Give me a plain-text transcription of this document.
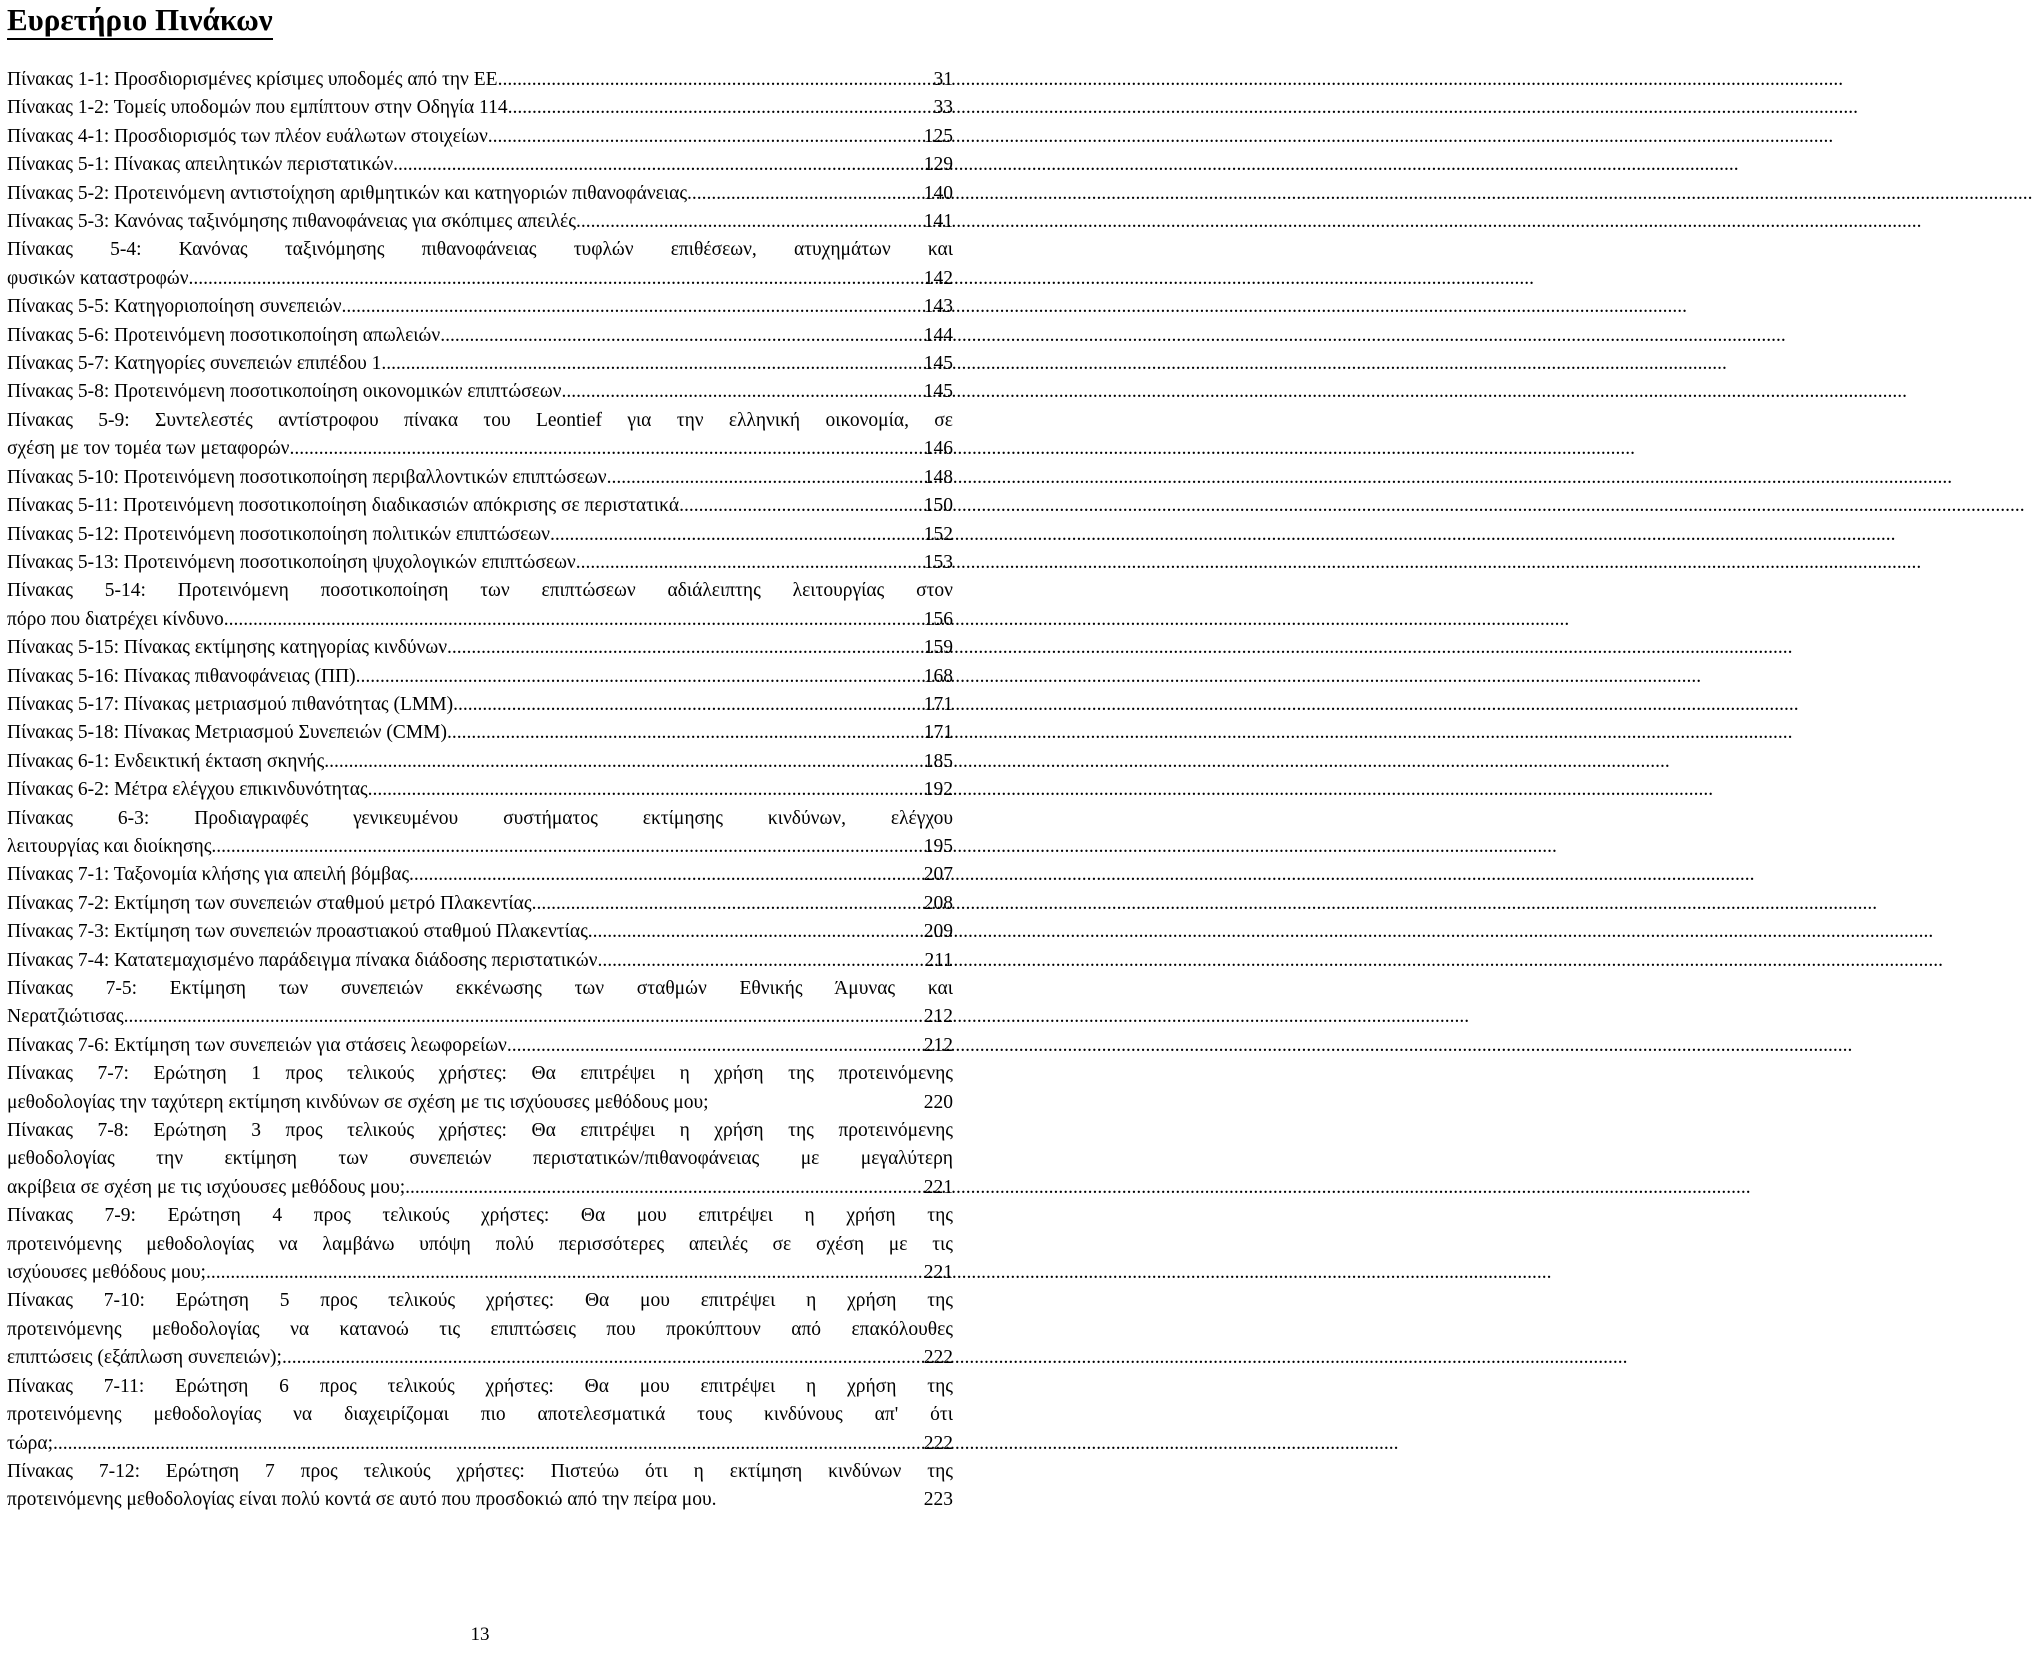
Ευρετήριο Πινάκων
Πίνακας 1-1: Προσδιορισμένες κρίσιμες υποδομές από την ΕΕ .....	31
Πίνακας 1-2: Τομείς υποδομών που εμπίπτουν στην Οδηγία 114. .....	33
Πίνακας 4-1: Προσδιορισμός των πλέον ευάλωτων στοιχείων .....	125
Πίνακας 5-1: Πίνακας απειλητικών περιστατικών .....	129
Πίνακας 5-2: Προτεινόμενη αντιστοίχηση αριθμητικών και κατηγοριών πιθανοφάνειας .....	140
Πίνακας 5-3: Κανόνας ταξινόμησης πιθανοφάνειας για σκόπιμες απειλές .....	141
Πίνακας 5-4: Κανόνας ταξινόμησης πιθανοφάνειας τυφλών επιθέσεων, ατυχημάτων και
φυσικών καταστροφών .....	142
Πίνακας 5-5: Κατηγοριοποίηση συνεπειών .....	143
Πίνακας 5-6: Προτεινόμενη ποσοτικοποίηση απωλειών .....	144
Πίνακας 5-7: Κατηγορίες συνεπειών επιπέδου 1 .....	145
Πίνακας 5-8: Προτεινόμενη ποσοτικοποίηση οικονομικών επιπτώσεων .....	145
Πίνακας 5-9: Συντελεστές αντίστροφου πίνακα του Leontief για την ελληνική οικονομία, σε
σχέση με τον τομέα των μεταφορών .....	146
Πίνακας 5-10: Προτεινόμενη ποσοτικοποίηση περιβαλλοντικών επιπτώσεων .....	148
Πίνακας 5-11: Προτεινόμενη ποσοτικοποίηση διαδικασιών απόκρισης σε περιστατικά .....	150
Πίνακας 5-12: Προτεινόμενη ποσοτικοποίηση πολιτικών επιπτώσεων .....	152
Πίνακας 5-13: Προτεινόμενη ποσοτικοποίηση ψυχολογικών επιπτώσεων .....	153
Πίνακας 5-14: Προτεινόμενη ποσοτικοποίηση των επιπτώσεων αδιάλειπτης λειτουργίας στον
πόρο που διατρέχει κίνδυνο .....	156
Πίνακας 5-15: Πίνακας εκτίμησης κατηγορίας κινδύνων .....	159
Πίνακας 5-16: Πίνακας πιθανοφάνειας (ΠΠ) .....	168
Πίνακας 5-17: Πίνακας μετριασμού πιθανότητας (LMM) .....	171
Πίνακας 5-18: Πίνακας Μετριασμού Συνεπειών (CMM) .....	171
Πίνακας 6-1: Ενδεικτική έκταση σκηνής .....	185
Πίνακας 6-2: Μέτρα ελέγχου επικινδυνότητας .....	192
Πίνακας 6-3: Προδιαγραφές γενικευμένου συστήματος εκτίμησης κινδύνων, ελέγχου
λειτουργίας και διοίκησης .....	195
Πίνακας 7-1: Ταξονομία κλήσης για απειλή βόμβας .....	207
Πίνακας 7-2: Εκτίμηση των συνεπειών σταθμού μετρό Πλακεντίας .....	208
Πίνακας 7-3: Εκτίμηση των συνεπειών προαστιακού σταθμού Πλακεντίας .....	209
Πίνακας 7-4: Κατατεμαχισμένο παράδειγμα πίνακα διάδοσης περιστατικών .....	211
Πίνακας 7-5: Εκτίμηση των συνεπειών εκκένωσης των σταθμών Εθνικής Άμυνας και
Νερατζιώτισας .....	212
Πίνακας 7-6: Εκτίμηση των συνεπειών για στάσεις λεωφορείων .....	212
Πίνακας 7-7: Ερώτηση 1 προς τελικούς χρήστες: Θα επιτρέψει η χρήση της προτεινόμενης
μεθοδολογίας την ταχύτερη εκτίμηση κινδύνων σε σχέση με τις ισχύουσες μεθόδους μου;	220
Πίνακας 7-8: Ερώτηση 3 προς τελικούς χρήστες: Θα επιτρέψει η χρήση της προτεινόμενης
μεθοδολογίας την εκτίμηση των συνεπειών περιστατικών/πιθανοφάνειας με μεγαλύτερη
ακρίβεια σε σχέση με τις ισχύουσες μεθόδους μου; .....	221
Πίνακας 7-9: Ερώτηση 4 προς τελικούς χρήστες: Θα μου επιτρέψει η χρήση της
προτεινόμενης μεθοδολογίας να λαμβάνω υπόψη πολύ περισσότερες απειλές σε σχέση με τις
ισχύουσες μεθόδους μου; .....	221
Πίνακας 7-10: Ερώτηση 5 προς τελικούς χρήστες: Θα μου επιτρέψει η χρήση της
προτεινόμενης μεθοδολογίας να κατανοώ τις επιπτώσεις που προκύπτουν από επακόλουθες
επιπτώσεις (εξάπλωση συνεπειών); .....	222
Πίνακας 7-11: Ερώτηση 6 προς τελικούς χρήστες: Θα μου επιτρέψει η χρήση της
προτεινόμενης μεθοδολογίας να διαχειρίζομαι πιο αποτελεσματικά τους κινδύνους απ' ότι
τώρα; .....	222
Πίνακας 7-12: Ερώτηση 7 προς τελικούς χρήστες: Πιστεύω ότι η εκτίμηση κινδύνων της
προτεινόμενης μεθοδολογίας είναι πολύ κοντά σε αυτό που προσδοκιώ από την πείρα μου.	223
13
